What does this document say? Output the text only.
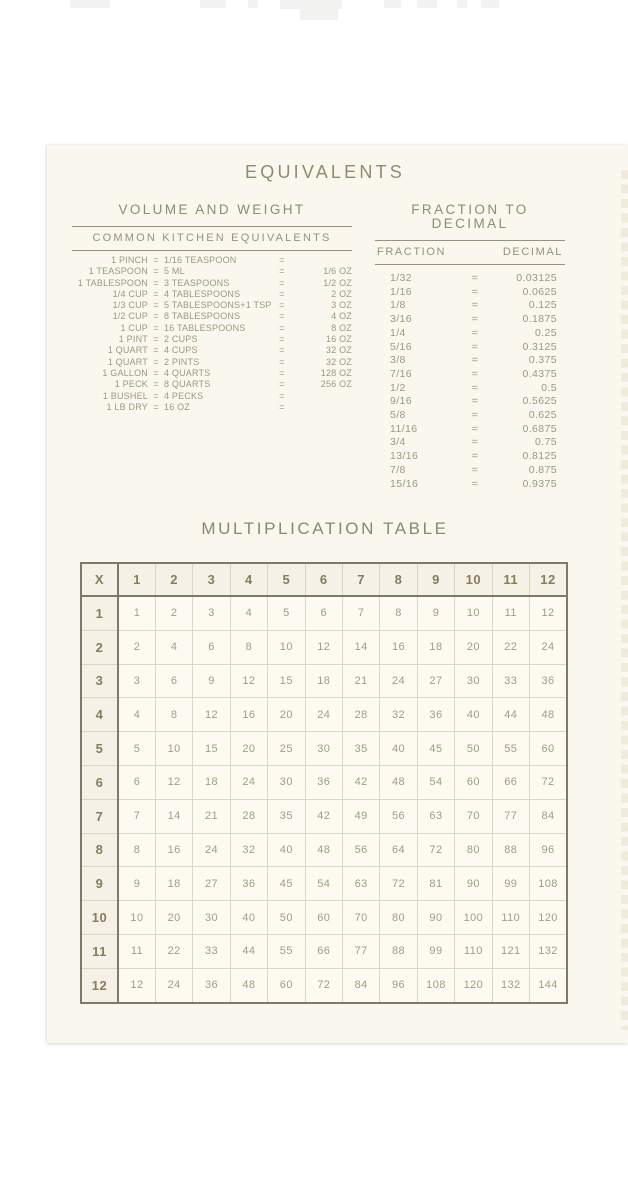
EQUIVALENTS
VOLUME AND WEIGHT
COMMON KITCHEN EQUIVALENTS
1 PINCH = 1/16 TEASPOON	=
1 TEASPOON = 5 ML	=	1/6 OZ
1 TABLESPOON = 3 TEASPOONS	=	1/2 OZ
1/4 CUP = 4 TABLESPOONS	=	2 OZ
1/3 CUP = 5 TABLESPOONS+1 TSP =	3 OZ
1/2 CUP = 8 TABLESPOONS	=	4 OZ
1 CUP = 16 TABLESPOONS	=	8 OZ
1 PINT = 2 CUPS	=	16 OZ
1 QUART = 4 CUPS	=	32 OZ
1 QUART = 2 PINTS	=	32 OZ
1 GALLON = 4 QUARTS	=	128 OZ
1 PECK = 8 QUARTS	=	256 OZ
1 BUSHEL = 4 PECKS	=
1 LB DRY = 16 OZ	=
FRACTION TO DECIMAL
FRACTION	DECIMAL
1/32	=	0.03125
1/16	=	0.0625
1/8	=	0.125
3/16	=	0.1875
1/4	=	0.25
5/16	=	0.3125
3/8	=	0.375
7/16	=	0.4375
1/2	=	0.5
9/16	=	0.5625
5/8	=	0.625
11/16	=	0.6875
3/4	=	0.75
13/16	=	0.8125
7/8	=	0.875
15/16	=	0.9375
MULTIPLICATION TABLE
X	1	2	3	4	5	6	7	8	9	10	11	12
1	1	2	3	4	5	6	7	8	9	10	11	12
2	2	4	6	8	10	12	14	16	18	20	22	24
3	3	6	9	12	15	18	21	24	27	30	33	36
4	4	8	12	16	20	24	28	32	36	40	44	48
5	5	10	15	20	25	30	35	40	45	50	55	60
6	6	12	18	24	30	36	42	48	54	60	66	72
7	7	14	21	28	35	42	49	56	63	70	77	84
8	8	16	24	32	40	48	56	64	72	80	88	96
9	9	18	27	36	45	54	63	72	81	90	99	108
10	10	20	30	40	50	60	70	80	90	100	110	120
11	11	22	33	44	55	66	77	88	99	110	121	132
12	12	24	36	48	60	72	84	96	108	120	132	144
